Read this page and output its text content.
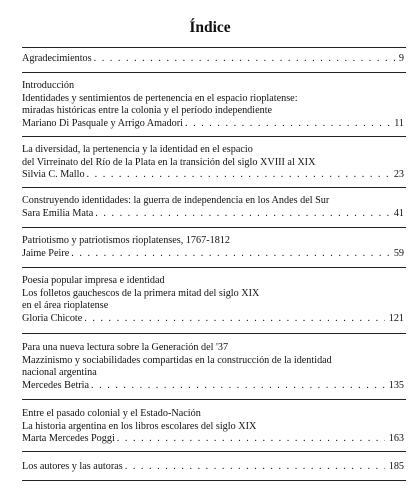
Índice
Agradecimientos . . .	9
Introducción
Identidades y sentimientos de pertenencia en el espacio rioplatense:
miradas históricas entre la colonia y el período independiente
Mariano Di Pasquale y Arrigo Amadori . . .	11
La diversidad, la pertenencia y la identidad en el espacio
del Virreinato del Río de la Plata en la transición del siglo XVIII al XIX
Silvia C. Mallo . . .	23
Construyendo identidades: la guerra de independencia en los Andes del Sur
Sara Emilia Mata . . .	41
Patriotismo y patriotismos rioplatenses, 1767-1812
Jaime Peire . . .	59
Poesía popular impresa e identidad
Los folletos gauchescos de la primera mitad del siglo XIX
en el área rioplatense
Gloria Chicote . . .	121
Para una nueva lectura sobre la Generación del '37
Mazzinismo y sociabilidades compartidas en la construcción de la identidad
nacional argentina
Mercedes Betria . . .	135
Entre el pasado colonial y el Estado-Nación
La historia argentina en los libros escolares del siglo XIX
Marta Mercedes Poggi . . .	163
Los autores y las autoras . . .	185
